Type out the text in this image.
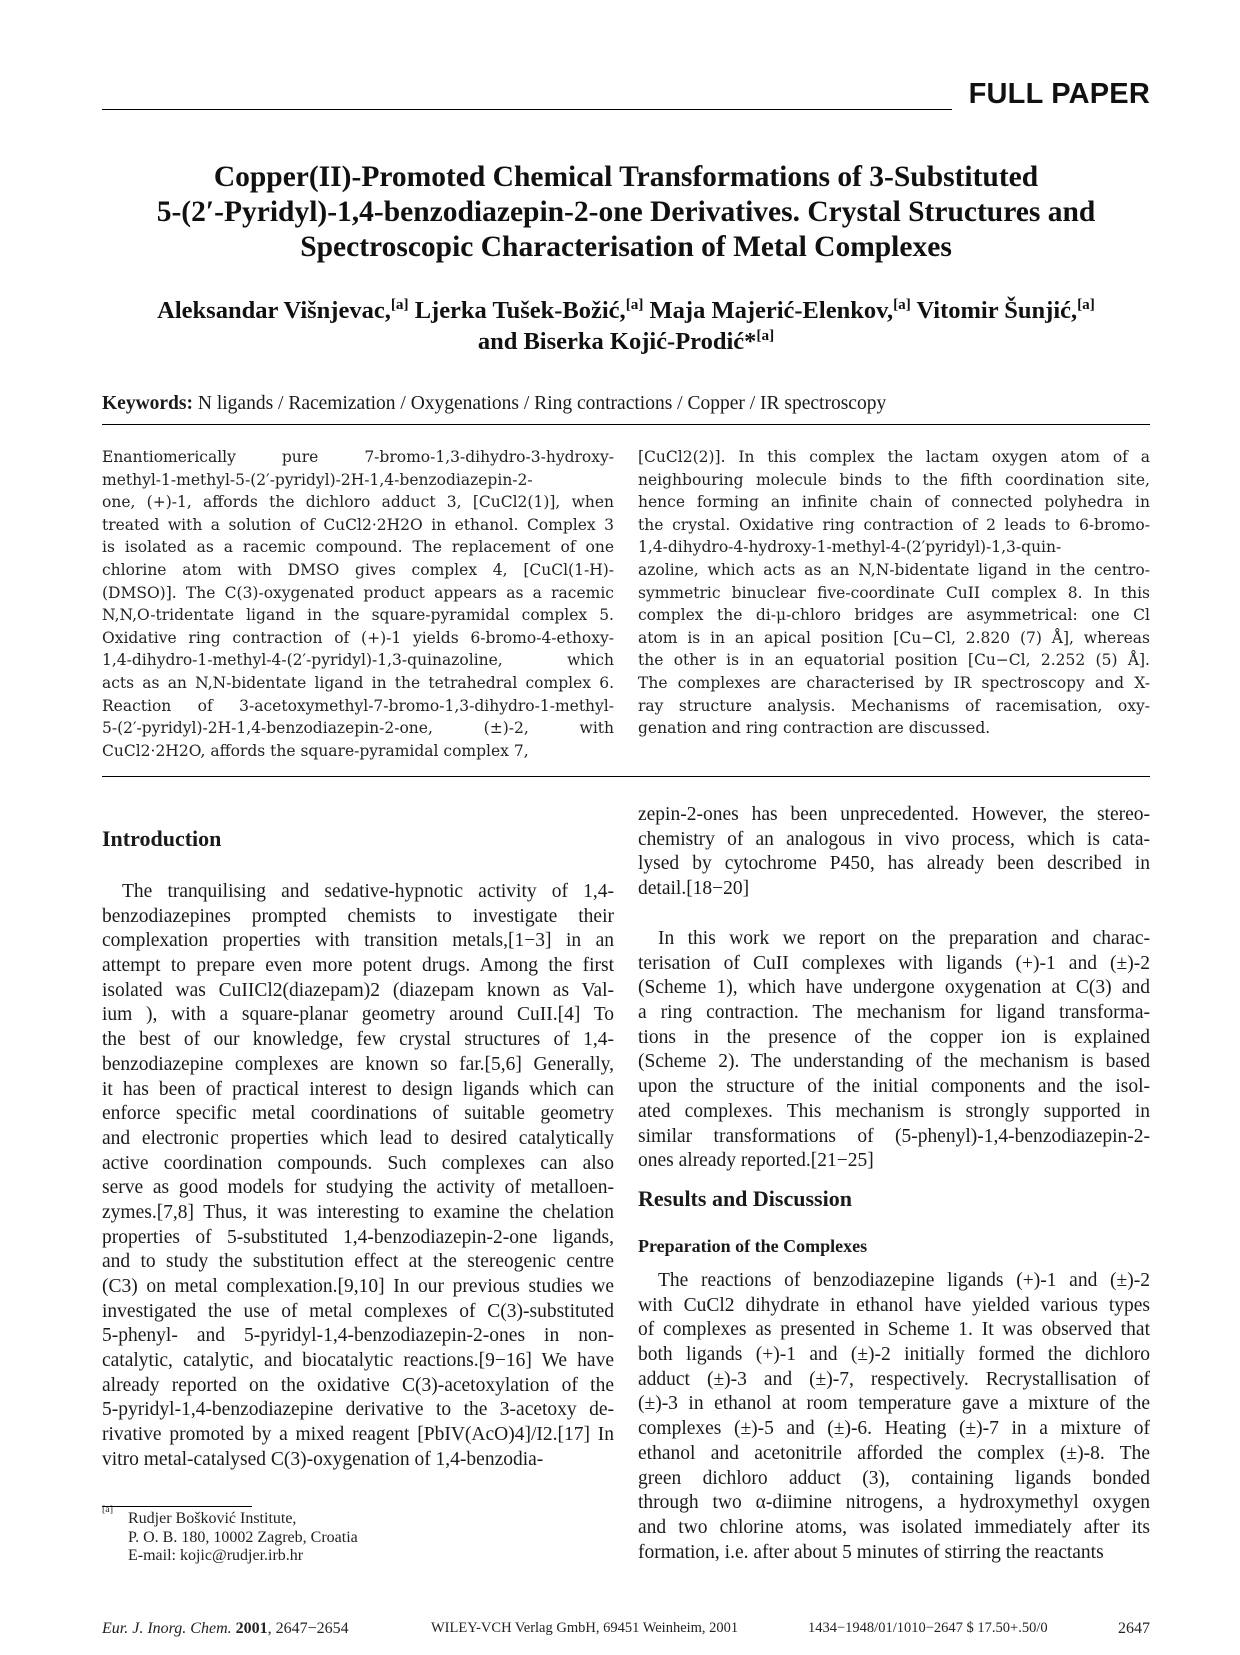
FULL PAPER
Copper(II)-Promoted Chemical Transformations of 3-Substituted
5-(2′-Pyridyl)-1,4-benzodiazepin-2-one Derivatives. Crystal Structures and
Spectroscopic Characterisation of Metal Complexes
Aleksandar Višnjevac,[a] Ljerka Tušek-Božić,[a] Maja Majerić-Elenkov,[a] Vitomir Šunjić,[a]
and Biserka Kojić-Prodić*[a]
Keywords: N ligands / Racemization / Oxygenations / Ring contractions / Copper / IR spectroscopy
Enantiomerically pure 7-bromo-1,3-dihydro-3-hydroxy-
methyl-1-methyl-5-(2′-pyridyl)-2H-1,4-benzodiazepin-2-
one, (+)-1, affords the dichloro adduct 3, [CuCl2(1)], when
treated with a solution of CuCl2·2H2O in ethanol. Complex 3
is isolated as a racemic compound. The replacement of one
chlorine atom with DMSO gives complex 4, [CuCl(1-H)-
(DMSO)]. The C(3)-oxygenated product appears as a racemic
N,N,O-tridentate ligand in the square-pyramidal complex 5.
Oxidative ring contraction of (+)-1 yields 6-bromo-4-ethoxy-
1,4-dihydro-1-methyl-4-(2′-pyridyl)-1,3-quinazoline, which
acts as an N,N-bidentate ligand in the tetrahedral complex 6.
Reaction of 3-acetoxymethyl-7-bromo-1,3-dihydro-1-methyl-
5-(2′-pyridyl)-2H-1,4-benzodiazepin-2-one, (±)-2, with
CuCl2·2H2O, affords the square-pyramidal complex 7,
[CuCl2(2)]. In this complex the lactam oxygen atom of a
neighbouring molecule binds to the fifth coordination site,
hence forming an infinite chain of connected polyhedra in
the crystal. Oxidative ring contraction of 2 leads to 6-bromo-
1,4-dihydro-4-hydroxy-1-methyl-4-(2′pyridyl)-1,3-quin-
azoline, which acts as an N,N-bidentate ligand in the centro-
symmetric binuclear five-coordinate CuII complex 8. In this
complex the di-μ-chloro bridges are asymmetrical: one Cl
atom is in an apical position [Cu−Cl, 2.820 (7) Å], whereas
the other is in an equatorial position [Cu−Cl, 2.252 (5) Å].
The complexes are characterised by IR spectroscopy and X-
ray structure analysis. Mechanisms of racemisation, oxy-
genation and ring contraction are discussed.
Introduction
The tranquilising and sedative-hypnotic activity of 1,4-
benzodiazepines prompted chemists to investigate their
complexation properties with transition metals,[1−3] in an
attempt to prepare even more potent drugs. Among the first
isolated was CuIICl2(diazepam)2 (diazepam known as Val-
ium ), with a square-planar geometry around CuII.[4] To
the best of our knowledge, few crystal structures of 1,4-
benzodiazepine complexes are known so far.[5,6] Generally,
it has been of practical interest to design ligands which can
enforce specific metal coordinations of suitable geometry
and electronic properties which lead to desired catalytically
active coordination compounds. Such complexes can also
serve as good models for studying the activity of metalloen-
zymes.[7,8] Thus, it was interesting to examine the chelation
properties of 5-substituted 1,4-benzodiazepin-2-one ligands,
and to study the substitution effect at the stereogenic centre
(C3) on metal complexation.[9,10] In our previous studies we
investigated the use of metal complexes of C(3)-substituted
5-phenyl- and 5-pyridyl-1,4-benzodiazepin-2-ones in non-
catalytic, catalytic, and biocatalytic reactions.[9−16] We have
already reported on the oxidative C(3)-acetoxylation of the
5-pyridyl-1,4-benzodiazepine derivative to the 3-acetoxy de-
rivative promoted by a mixed reagent [PbIV(AcO)4]/I2.[17] In
vitro metal-catalysed C(3)-oxygenation of 1,4-benzodia-
[a]
Rudjer Bošković Institute,
P. O. B. 180, 10002 Zagreb, Croatia
E-mail: kojic@rudjer.irb.hr
zepin-2-ones has been unprecedented. However, the stereo-
chemistry of an analogous in vivo process, which is cata-
lysed by cytochrome P450, has already been described in
detail.[18−20]
In this work we report on the preparation and charac-
terisation of CuII complexes with ligands (+)-1 and (±)-2
(Scheme 1), which have undergone oxygenation at C(3) and
a ring contraction. The mechanism for ligand transforma-
tions in the presence of the copper ion is explained
(Scheme 2). The understanding of the mechanism is based
upon the structure of the initial components and the isol-
ated complexes. This mechanism is strongly supported in
similar transformations of (5-phenyl)-1,4-benzodiazepin-2-
ones already reported.[21−25]
Results and Discussion
Preparation of the Complexes
The reactions of benzodiazepine ligands (+)-1 and (±)-2
with CuCl2 dihydrate in ethanol have yielded various types
of complexes as presented in Scheme 1. It was observed that
both ligands (+)-1 and (±)-2 initially formed the dichloro
adduct (±)-3 and (±)-7, respectively. Recrystallisation of
(±)-3 in ethanol at room temperature gave a mixture of the
complexes (±)-5 and (±)-6. Heating (±)-7 in a mixture of
ethanol and acetonitrile afforded the complex (±)-8. The
green dichloro adduct (3), containing ligands bonded
through two α-diimine nitrogens, a hydroxymethyl oxygen
and two chlorine atoms, was isolated immediately after its
formation, i.e. after about 5 minutes of stirring the reactants
Eur. J. Inorg. Chem. 2001, 2647−2654	WILEY-VCH Verlag GmbH, 69451 Weinheim, 2001	1434−1948/01/1010−2647 $ 17.50+.50/0	2647
